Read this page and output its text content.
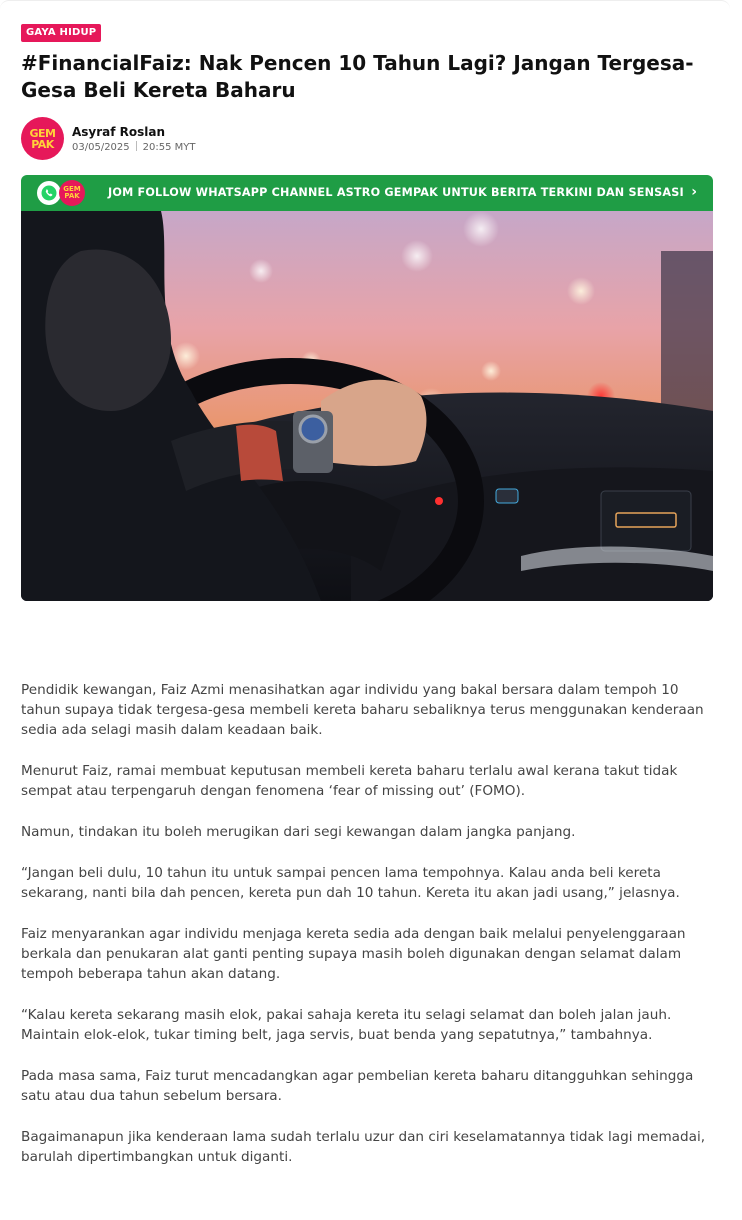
GAYA HIDUP
#FinancialFaiz: Nak Pencen 10 Tahun Lagi? Jangan Tergesa-Gesa Beli Kereta Baharu
GEM
PAK
Asyraf Roslan
03/05/2025 20:55 MYT
GEM
PAK	JOM FOLLOW WHATSAPP CHANNEL ASTRO GEMPAK UNTUK BERITA TERKINI DAN SENSASI ›

Pendidik kewangan, Faiz Azmi menasihatkan agar individu yang bakal bersara dalam tempoh 10 tahun supaya tidak tergesa-gesa membeli kereta baharu sebaliknya terus menggunakan kenderaan sedia ada selagi masih dalam keadaan baik.

Menurut Faiz, ramai membuat keputusan membeli kereta baharu terlalu awal kerana takut tidak sempat atau terpengaruh dengan fenomena ‘fear of missing out’ (FOMO).

Namun, tindakan itu boleh merugikan dari segi kewangan dalam jangka panjang.

“Jangan beli dulu, 10 tahun itu untuk sampai pencen lama tempohnya. Kalau anda beli kereta sekarang, nanti bila dah pencen, kereta pun dah 10 tahun. Kereta itu akan jadi usang,” jelasnya.

Faiz menyarankan agar individu menjaga kereta sedia ada dengan baik melalui penyelenggaraan berkala dan penukaran alat ganti penting supaya masih boleh digunakan dengan selamat dalam tempoh beberapa tahun akan datang.

“Kalau kereta sekarang masih elok, pakai sahaja kereta itu selagi selamat dan boleh jalan jauh. Maintain elok-elok, tukar timing belt, jaga servis, buat benda yang sepatutnya,” tambahnya.

Pada masa sama, Faiz turut mencadangkan agar pembelian kereta baharu ditangguhkan sehingga satu atau dua tahun sebelum bersara.

Bagaimanapun jika kenderaan lama sudah terlalu uzur dan ciri keselamatannya tidak lagi memadai, barulah dipertimbangkan untuk diganti.
